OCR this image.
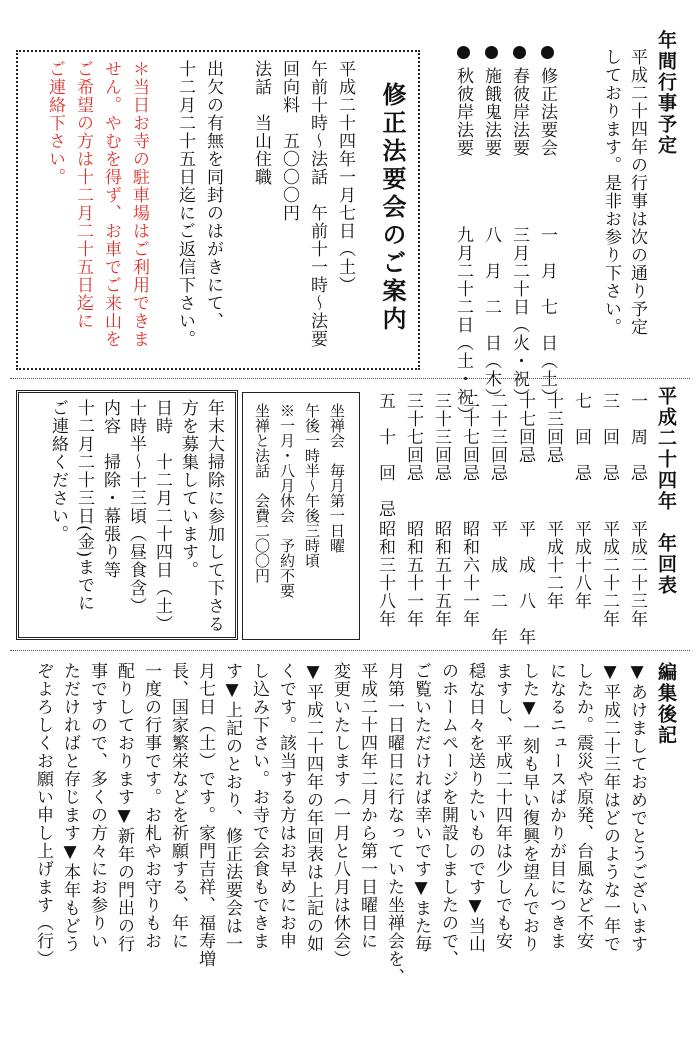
年間行事予定
平成二十四年の行事は次の通り予定
しております。是非お参り下さい。
修正法要会
一　月　七　日（土）
春彼岸法要
三月二十日（火・祝）
施餓鬼法要
八　月　二　日（木）
秋彼岸法要
九月二十二日（土・祝）
修正法要会のご案内
平成二十四年一月七日（土）
午前十時〜法話　午前十一時〜法要
回向料　五〇〇〇円
法話　当山住職
出欠の有無を同封のはがきにて、
十二月二十五日迄にご返信下さい。
＊当日お寺の駐車場はご利用できま
せん。やむを得ず、お車でご来山を
ご希望の方は十二月二十五日迄に
ご連絡下さい。
平成二十四年　年回表
一　周　忌
平成二十三年
三　回　忌
平成二十二年
七　回　忌
平成十八年
十三回忌
平成十二年
十七回忌
平　成　八　年
二十三回忌
平　成　二　年
二十七回忌
昭和六十一年
三十三回忌
昭和五十五年
三十七回忌
昭和五十一年
五　十　回　忌
昭和三十八年
坐禅会　毎月第一日曜
午後一時半〜午後三時頃
※一月・八月休会　予約不要
坐禅と法話　会費二〇〇円
年末大掃除に参加して下さる
方を募集しています。
日時　十二月二十四日（土）
十時半〜十三頃（昼食含）
内容　掃除・幕張り等
十二月二十三日(金)までに
ご連絡ください。
編集後記
▼あけましておめでとうございます
▼平成二十三年はどのような一年で
したか。震災や原発、台風など不安
になるニュースばかりが目につきま
した▼一刻も早い復興を望んでおり
ますし、平成二十四年は少しでも安
穏な日々を送りたいものです▼当山
のホームページを開設しましたので、
ご覧いただければ幸いです▼また毎
月第一日曜日に行なっていた坐禅会を、
平成二十四年二月から第一日曜日に
変更いたします（一月と八月は休会）
▼平成二十四年の年回表は上記の如
くです。該当する方はお早めにお申
し込み下さい。お寺で会食もできま
す▼上記のとおり、修正法要会は一
月七日（土）です。家門吉祥、福寿増
長、国家繁栄などを祈願する、年に
一度の行事です。お札やお守りもお
配りしております▼新年の門出の行
事ですので、多くの方々にお参りい
ただければと存じます▼本年もどう
ぞよろしくお願い申し上げます（行）
